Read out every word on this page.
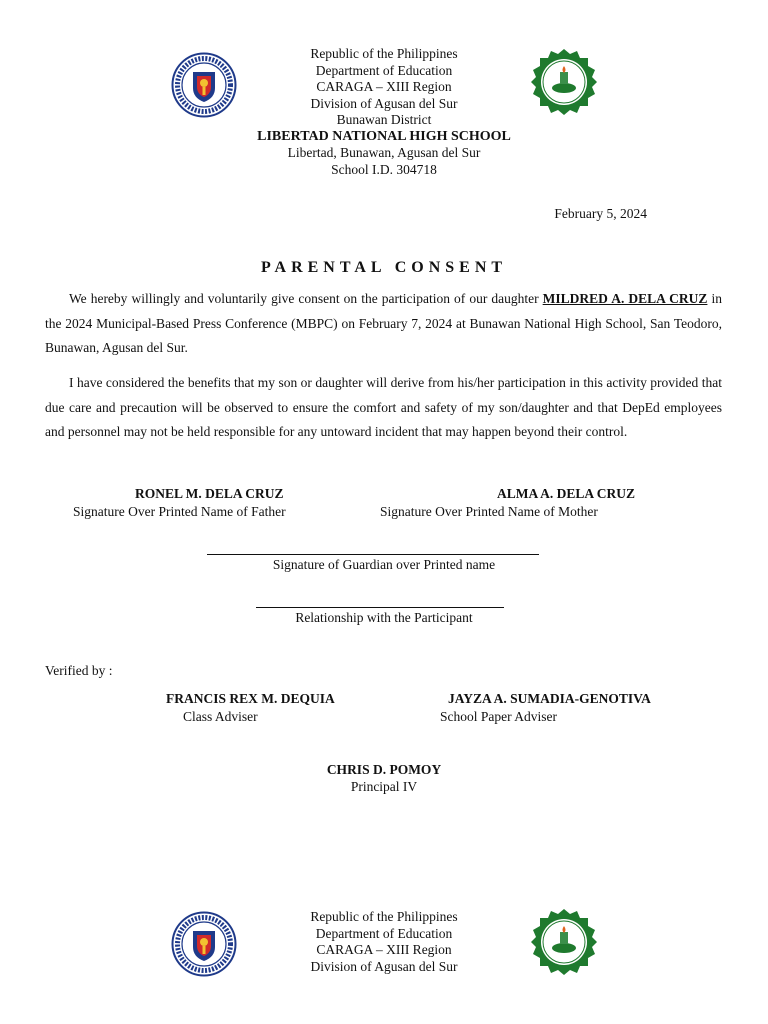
Republic of the Philippines
Department of Education
CARAGA – XIII Region
Division of Agusan del Sur
Bunawan District
LIBERTAD NATIONAL HIGH SCHOOL
Libertad, Bunawan, Agusan del Sur
School I.D. 304718
February 5, 2024
PARENTAL CONSENT

We hereby willingly and voluntarily give consent on the participation of our daughter MILDRED A. DELA CRUZ in the 2024 Municipal-Based Press Conference (MBPC) on February 7, 2024 at Bunawan National High School, San Teodoro, Bunawan, Agusan del Sur.

I have considered the benefits that my son or daughter will derive from his/her participation in this activity provided that due care and precaution will be observed to ensure the comfort and safety of my son/daughter and that DepEd employees and personnel may not be held responsible for any untoward incident that may happen beyond their control.

RONEL M. DELA CRUZ
Signature Over Printed Name of Father
ALMA A. DELA CRUZ
Signature Over Printed Name of Mother
Signature of Guardian over Printed name
Relationship with the Participant
Verified by :
FRANCIS REX M. DEQUIA
Class Adviser
JAYZA A. SUMADIA-GENOTIVA
School Paper Adviser
CHRIS D. POMOY
Principal IV
Republic of the Philippines
Department of Education
CARAGA – XIII Region
Division of Agusan del Sur
